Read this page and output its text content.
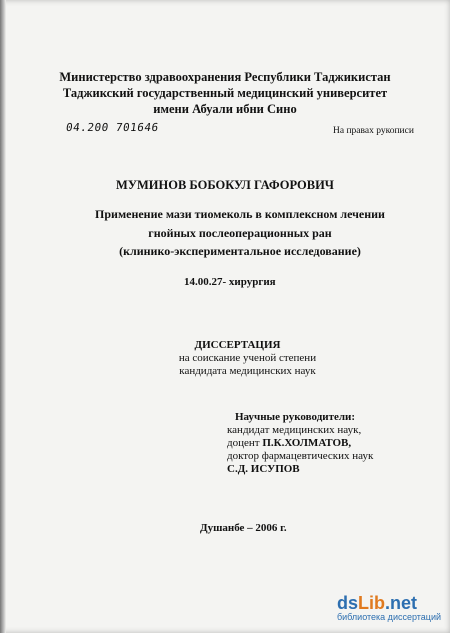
Министерство здравоохранения Республики Таджикистан
Таджикский государственный медицинский университет
имени Абуали ибни Сино
04.200 701646	На правах рукописи
МУМИНОВ БОБОКУЛ ГАФОРОВИЧ
Применение мази тиомеколь в комплексном лечении
гнойных послеоперационных ран
(клинико-экспериментальное исследование)
14.00.27- хирургия
ДИССЕРТАЦИЯ
на соискание ученой степени
кандидата медицинских наук
Научные руководители:
кандидат медицинских наук,
доцент П.К.ХОЛМАТОВ,
доктор фармацевтических наук
С.Д. ИСУПОВ
Душанбе – 2006 г.
dsLib.net
библиотека диссертаций
